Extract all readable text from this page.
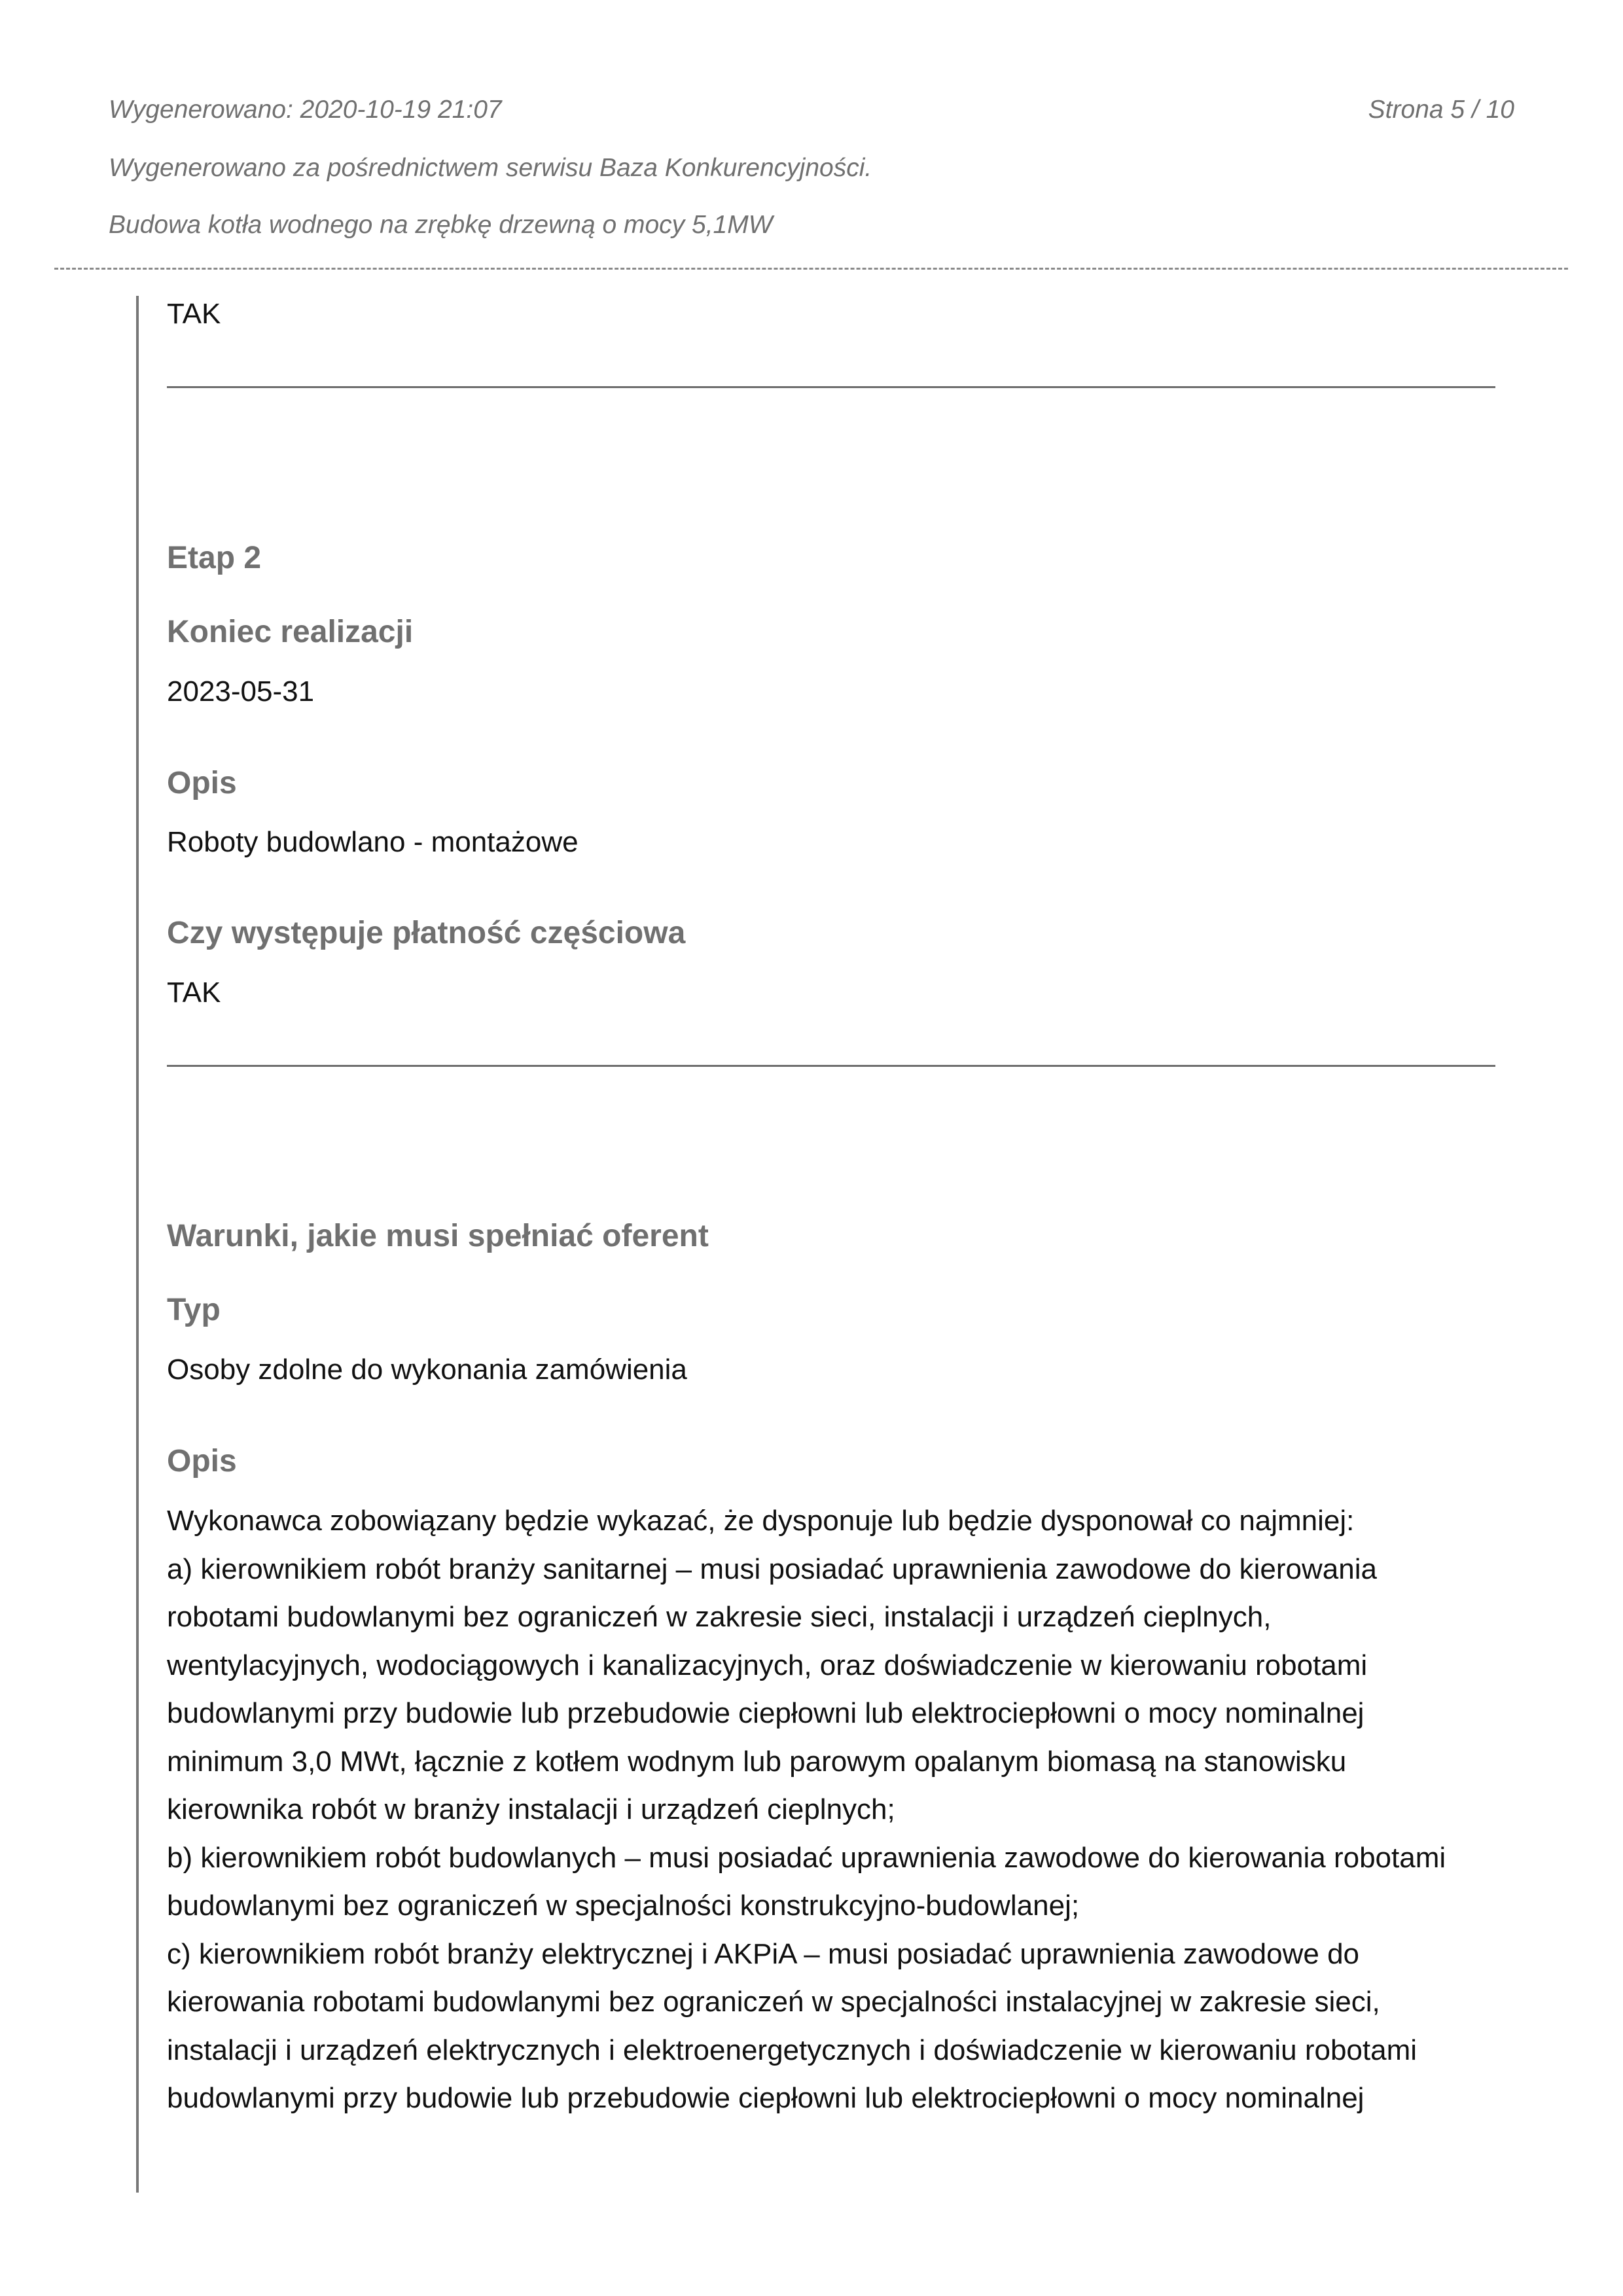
Wygenerowano: 2020-10-19 21:07	Strona 5 / 10
Wygenerowano za pośrednictwem serwisu Baza Konkurencyjności.
Budowa kotła wodnego na zrębkę drzewną o mocy 5,1MW
TAK
Etap 2
Koniec realizacji
2023-05-31
Opis
Roboty budowlano - montażowe
Czy występuje płatność częściowa
TAK
Warunki, jakie musi spełniać oferent
Typ
Osoby zdolne do wykonania zamówienia
Opis

Wykonawca zobowiązany będzie wykazać, że dysponuje lub będzie dysponował co najmniej:

a) kierownikiem robót branży sanitarnej – musi posiadać uprawnienia zawodowe do kierowania

robotami budowlanymi bez ograniczeń w zakresie sieci, instalacji i urządzeń cieplnych,

wentylacyjnych, wodociągowych i kanalizacyjnych, oraz doświadczenie w kierowaniu robotami

budowlanymi przy budowie lub przebudowie ciepłowni lub elektrociepłowni o mocy nominalnej

minimum 3,0 MWt, łącznie z kotłem wodnym lub parowym opalanym biomasą na stanowisku

kierownika robót w branży instalacji i urządzeń cieplnych;

b) kierownikiem robót budowlanych – musi posiadać uprawnienia zawodowe do kierowania robotami

budowlanymi bez ograniczeń w specjalności konstrukcyjno-budowlanej;

c) kierownikiem robót branży elektrycznej i AKPiA – musi posiadać uprawnienia zawodowe do

kierowania robotami budowlanymi bez ograniczeń w specjalności instalacyjnej w zakresie sieci,

instalacji i urządzeń elektrycznych i elektroenergetycznych i doświadczenie w kierowaniu robotami

budowlanymi przy budowie lub przebudowie ciepłowni lub elektrociepłowni o mocy nominalnej
